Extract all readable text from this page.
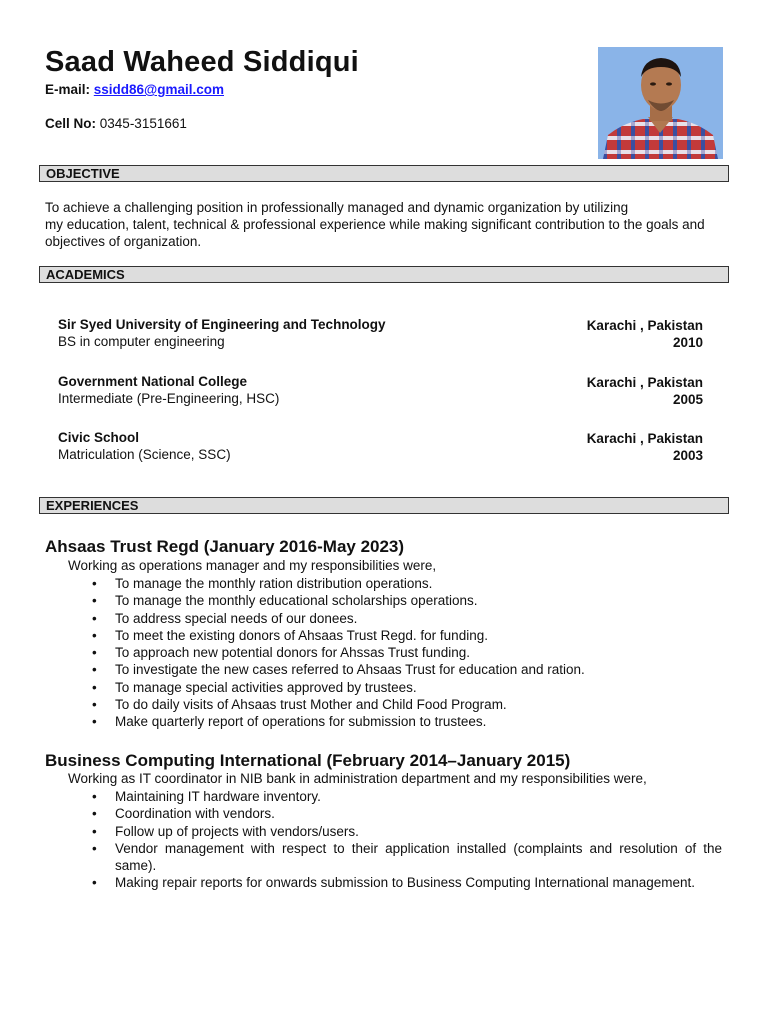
Saad Waheed Siddiqui
E-mail: ssidd86@gmail.com
Cell No: 0345-3151661
OBJECTIVE
To achieve a challenging position in professionally managed and dynamic organization by utilizing
my education, talent, technical & professional experience while making significant contribution to the goals and
objectives of organization.
ACADEMICS
Sir Syed University of Engineering and Technology
BS in computer engineering
Karachi , Pakistan
2010
Government National College
Intermediate (Pre-Engineering, HSC)
Karachi , Pakistan
2005
Civic School
Matriculation (Science, SSC)
Karachi , Pakistan
2003
EXPERIENCES
Ahsaas Trust Regd (January 2016-May 2023)
Working as operations manager and my responsibilities were,
• To manage the monthly ration distribution operations.
• To manage the monthly educational scholarships operations.
• To address special needs of our donees.
• To meet the existing donors of Ahsaas Trust Regd. for funding.
• To approach new potential donors for Ahssas Trust funding.
• To investigate the new cases referred to Ahsaas Trust for education and ration.
• To manage special activities approved by trustees.
• To do daily visits of Ahsaas trust Mother and Child Food Program.
• Make quarterly report of operations for submission to trustees.
Business Computing International (February 2014–January 2015)
Working as IT coordinator in NIB bank in administration department and my responsibilities were,
• Maintaining IT hardware inventory.
• Coordination with vendors.
• Follow up of projects with vendors/users.
• Vendor management with respect to their application installed (complaints and resolution of the same).
• Making repair reports for onwards submission to Business Computing International management.
